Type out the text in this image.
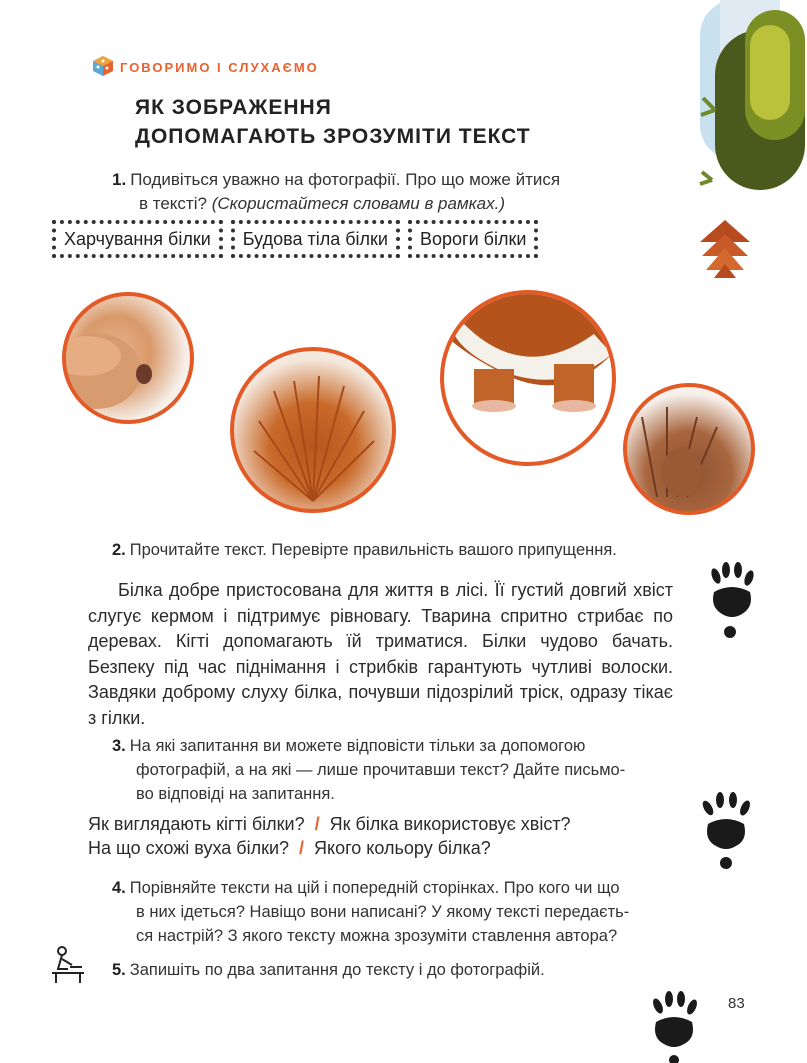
ГОВОРИМО І СЛУХАЄМО
ЯК ЗОБРАЖЕННЯ
ДОПОМАГАЮТЬ ЗРОЗУМІТИ ТЕКСТ
1. Подивіться уважно на фотографії. Про що може йтися
в тексті? (Скористайтеся словами в рамках.)
Харчування білки	Будова тіла білки	Вороги білки
2. Прочитайте текст. Перевірте правильність вашого припущення.
Білка добре пристосована для життя в лісі. Її густий довгий хвіст слугує кермом і підтримує рівновагу. Тварина спритно стрибає по деревах. Кігті допомагають їй триматися. Білки чудово бачать. Безпеку під час піднімання і стрибків гарантують чутливі волоски. Завдяки доброму слуху білка, почувши підозрілий тріск, одразу тікає з гілки.
3. На які запитання ви можете відповісти тільки за допомогою
фотографій, а на які — лише прочитавши текст? Дайте письмо-
во відповіді на запитання.
Як виглядають кігті білки? / Як білка використовує хвіст?
На що схожі вуха білки? / Якого кольору білка?
4. Порівняйте тексти на цій і попередній сторінках. Про кого чи що
в них ідеться? Навіщо вони написані? У якому тексті передаєть-
ся настрій? З якого тексту можна зрозуміти ставлення автора?
5. Запишіть по два запитання до тексту і до фотографій.
83
